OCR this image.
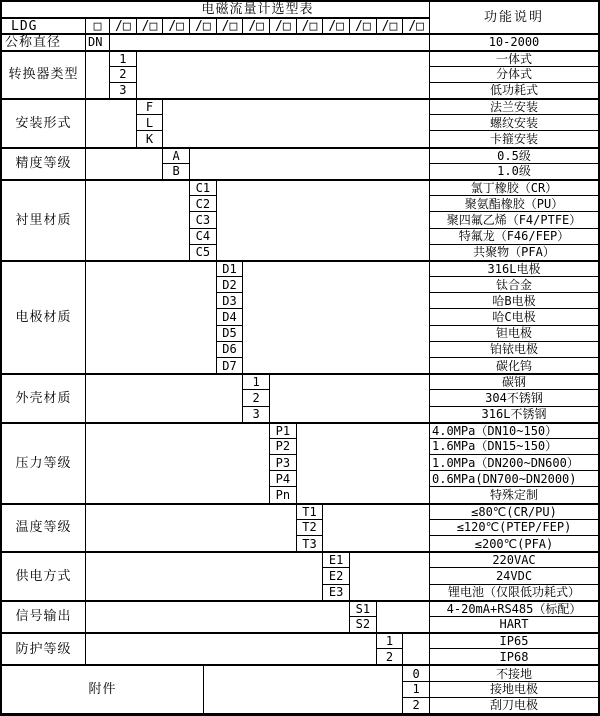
电磁流量计选型表
功能说明
LDG	□	/□ /□ /□ /□ /□ /□ /□ /□ /□ /□ /□ /□
公称直径	DN	10-2000
转换器类型
1	一体式
2	分体式
3	低功耗式
安装形式
F	法兰安装
L	螺纹安装
K	卡箍安装
精度等级
A	0.5级
B	1.0级
衬里材质
C1	氯丁橡胶（CR）
C2	聚氨酯橡胶（PU）
C3	聚四氟乙烯（F4/PTFE）
C4	特氟龙（F46/FEP）
C5	共聚物（PFA）
电极材质
D1	316L电极
D2	钛合金
D3	哈B电极
D4	哈C电极
D5	钽电极
D6	铂铱电极
D7	碳化钨
外壳材质
1	碳钢
2	304不锈钢
3	316L不锈钢
压力等级
P1	4.0MPa（DN10~150）
P2	1.6MPa（DN15~150）
P3	1.0MPa（DN200~DN600）
P4	0.6MPa(DN700~DN2000)
Pn	特殊定制
温度等级
T1	≤80℃(CR/PU)
T2	≤120℃(PTEP/FEP)
T3	≤200℃(PFA)
供电方式
E1	220VAC
E2	24VDC
E3	锂电池（仅限低功耗式）
信号输出
S1	4-20mA+RS485（标配）
S2	HART
防护等级
1	IP65
2	IP68
附件
0	不接地
1	接地电极
2	刮刀电极
